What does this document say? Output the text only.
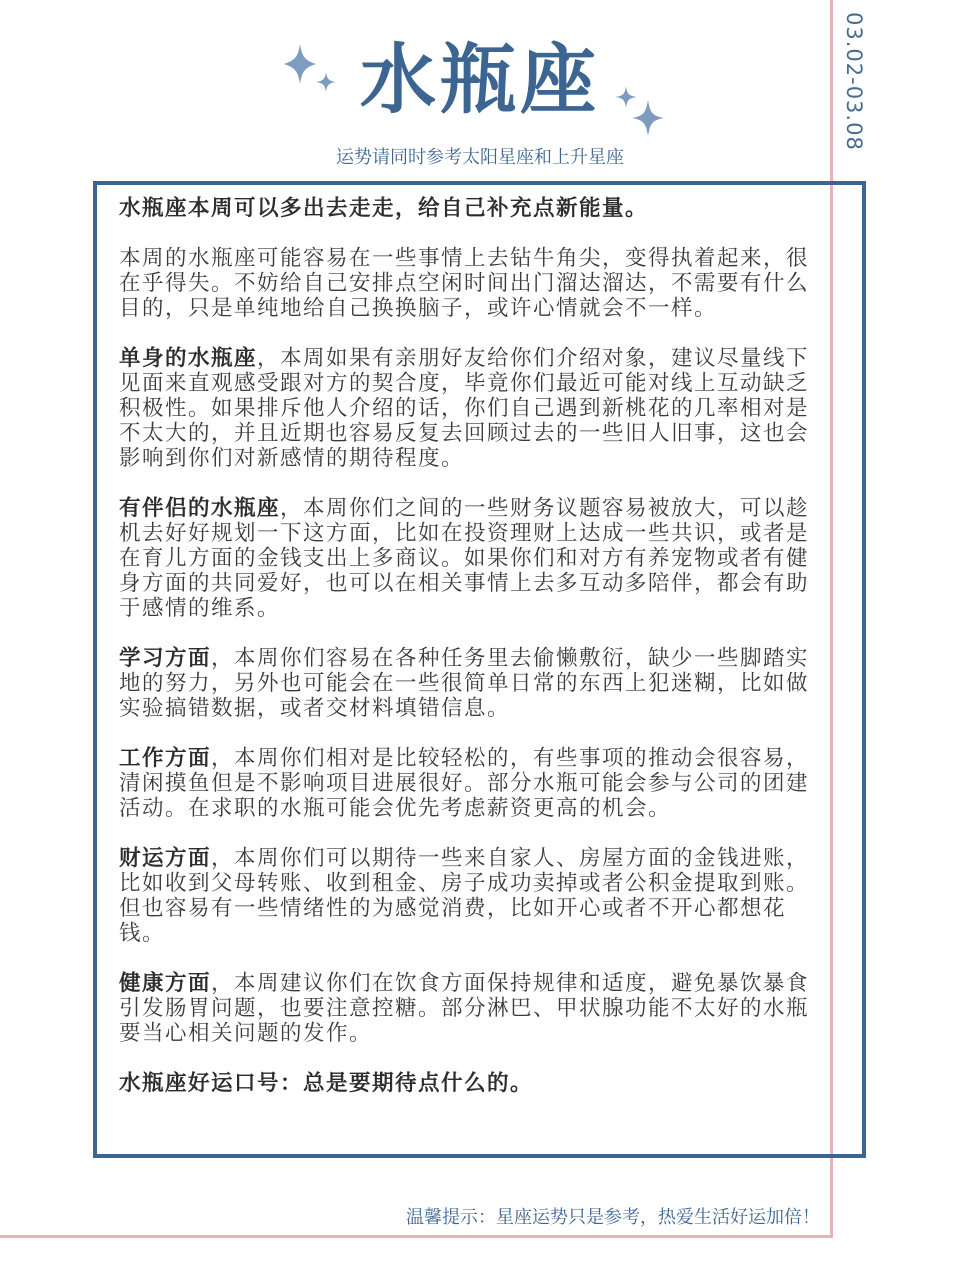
03.02-03.08
水瓶座
运势请同时参考太阳星座和上升星座

水瓶座本周可以多出去走走，给自己补充点新能量。

本周的水瓶座可能容易在一些事情上去钻牛角尖，变得执着起来，很在乎得失。不妨给自己安排点空闲时间出门溜达溜达，不需要有什么目的，只是单纯地给自己换换脑子，或许心情就会不一样。

单身的水瓶座，本周如果有亲朋好友给你们介绍对象，建议尽量线下见面来直观感受跟对方的契合度，毕竟你们最近可能对线上互动缺乏积极性。如果排斥他人介绍的话，你们自己遇到新桃花的几率相对是不太大的，并且近期也容易反复去回顾过去的一些旧人旧事，这也会影响到你们对新感情的期待程度。

有伴侣的水瓶座，本周你们之间的一些财务议题容易被放大，可以趁机去好好规划一下这方面，比如在投资理财上达成一些共识，或者是在育儿方面的金钱支出上多商议。如果你们和对方有养宠物或者有健身方面的共同爱好，也可以在相关事情上去多互动多陪伴，都会有助于感情的维系。

学习方面，本周你们容易在各种任务里去偷懒敷衍，缺少一些脚踏实地的努力，另外也可能会在一些很简单日常的东西上犯迷糊，比如做实验搞错数据，或者交材料填错信息。

工作方面，本周你们相对是比较轻松的，有些事项的推动会很容易，清闲摸鱼但是不影响项目进展很好。部分水瓶可能会参与公司的团建活动。在求职的水瓶可能会优先考虑薪资更高的机会。

财运方面，本周你们可以期待一些来自家人、房屋方面的金钱进账，比如收到父母转账、收到租金、房子成功卖掉或者公积金提取到账。但也容易有一些情绪性的为感觉消费，比如开心或者不开心都想花钱。

健康方面，本周建议你们在饮食方面保持规律和适度，避免暴饮暴食引发肠胃问题，也要注意控糖。部分淋巴、甲状腺功能不太好的水瓶要当心相关问题的发作。

水瓶座好运口号：总是要期待点什么的。

温馨提示：星座运势只是参考，热爱生活好运加倍！
